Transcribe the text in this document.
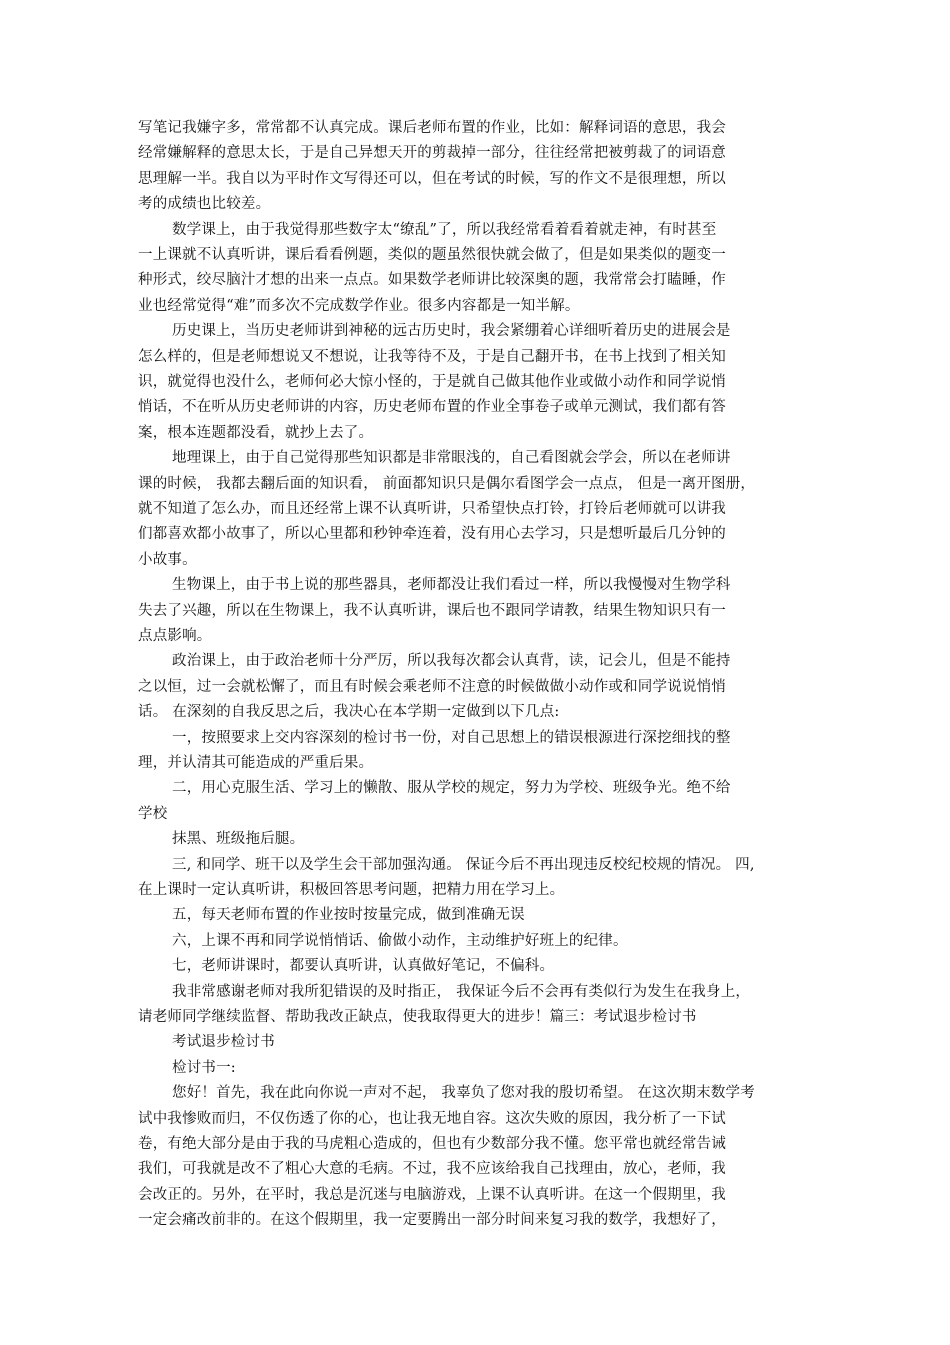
写笔记我嫌字多，常常都不认真完成。课后老师布置的作业，比如：解释词语的意思，我会

经常嫌解释的意思太长，于是自己异想天开的剪裁掉一部分，往往经常把被剪裁了的词语意

思理解一半。我自以为平时作文写得还可以，但在考试的时候，写的作文不是很理想，所以

考的成绩也比较差。

数学课上，由于我觉得那些数字太“缭乱”了，所以我经常看着看着就走神，有时甚至

一上课就不认真听讲，课后看看例题，类似的题虽然很快就会做了，但是如果类似的题变一

种形式，绞尽脑汁才想的出来一点点。如果数学老师讲比较深奥的题，我常常会打瞌睡，作

业也经常觉得“难”而多次不完成数学作业。很多内容都是一知半解。

历史课上，当历史老师讲到神秘的远古历史时，我会紧绷着心详细听着历史的进展会是

怎么样的，但是老师想说又不想说，让我等待不及，于是自己翻开书，在书上找到了相关知

识，就觉得也没什么，老师何必大惊小怪的，于是就自己做其他作业或做小动作和同学说悄

悄话，不在听从历史老师讲的内容，历史老师布置的作业全事卷子或单元测试，我们都有答

案，根本连题都没看，就抄上去了。

地理课上，由于自己觉得那些知识都是非常眼浅的，自己看图就会学会，所以在老师讲

课的时候， 我都去翻后面的知识看， 前面都知识只是偶尔看图学会一点点， 但是一离开图册，

就不知道了怎么办，而且还经常上课不认真听讲，只希望快点打铃，打铃后老师就可以讲我

们都喜欢都小故事了，所以心里都和秒钟牵连着，没有用心去学习，只是想听最后几分钟的

小故事。

生物课上，由于书上说的那些器具，老师都没让我们看过一样，所以我慢慢对生物学科

失去了兴趣，所以在生物课上，我不认真听讲，课后也不跟同学请教，结果生物知识只有一

点点影响。

政治课上，由于政治老师十分严厉，所以我每次都会认真背，读，记会儿，但是不能持

之以恒，过一会就松懈了，而且有时候会乘老师不注意的时候做做小动作或和同学说说悄悄

话。 在深刻的自我反思之后，我决心在本学期一定做到以下几点:

一，按照要求上交内容深刻的检讨书一份，对自己思想上的错误根源进行深挖细找的整

理，并认清其可能造成的严重后果。

二，用心克服生活、学习上的懒散、服从学校的规定，努力为学校、班级争光。绝不给

学校

抹黑、班级拖后腿。

三, 和同学、班干以及学生会干部加强沟通。 保证今后不再出现违反校纪校规的情况。 四,

在上课时一定认真听讲，积极回答思考问题，把精力用在学习上。

五，每天老师布置的作业按时按量完成，做到准确无误

六，上课不再和同学说悄悄话、偷做小动作，主动维护好班上的纪律。

七，老师讲课时，都要认真听讲，认真做好笔记，不偏科。

我非常感谢老师对我所犯错误的及时指正， 我保证今后不会再有类似行为发生在我身上，

请老师同学继续监督、帮助我改正缺点，使我取得更大的进步！篇三：考试退步检讨书

考试退步检讨书

检讨书一:

您好！首先，我在此向你说一声对不起， 我辜负了您对我的殷切希望。 在这次期末数学考

试中我惨败而归，不仅伤透了你的心，也让我无地自容。这次失败的原因，我分析了一下试

卷，有绝大部分是由于我的马虎粗心造成的，但也有少数部分我不懂。您平常也就经常告诫

我们，可我就是改不了粗心大意的毛病。不过，我不应该给我自己找理由，放心，老师，我

会改正的。另外，在平时，我总是沉迷与电脑游戏，上课不认真听讲。在这一个假期里，我

一定会痛改前非的。在这个假期里，我一定要腾出一部分时间来复习我的数学，我想好了，
